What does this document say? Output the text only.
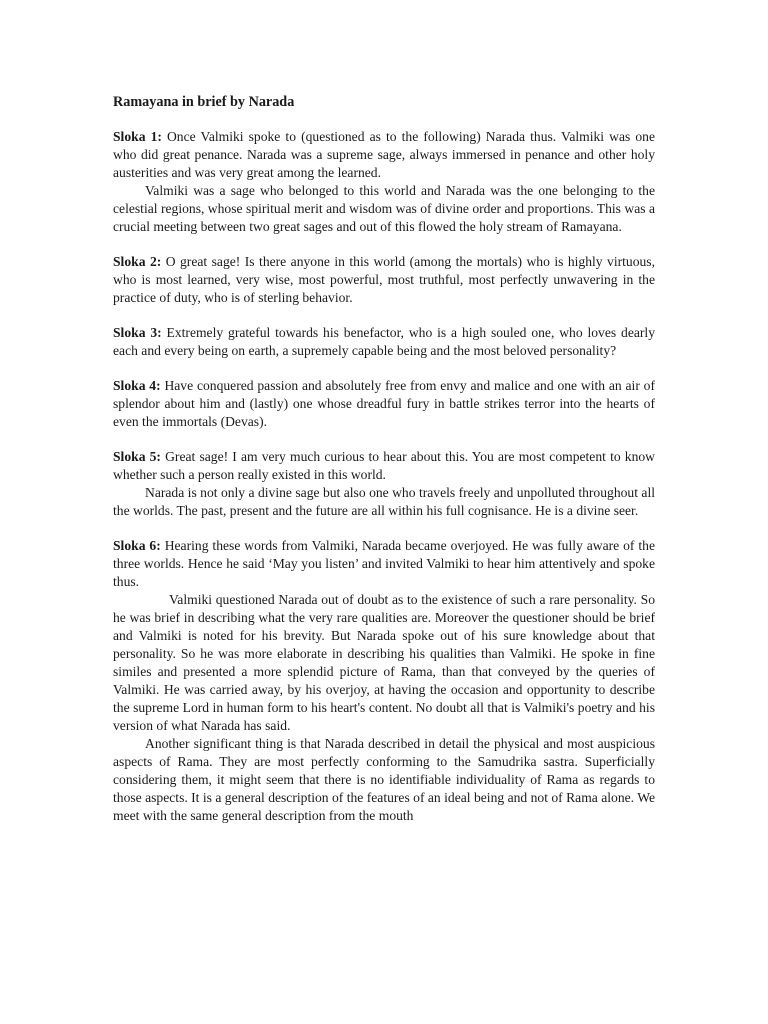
Ramayana in brief by Narada

Sloka 1: Once Valmiki spoke to (questioned as to the following) Narada thus. Valmiki was one who did great penance. Narada was a supreme sage, always immersed in penance and other holy austerities and was very great among the learned.

Valmiki was a sage who belonged to this world and Narada was the one belonging to the celestial regions, whose spiritual merit and wisdom was of divine order and proportions. This was a crucial meeting between two great sages and out of this flowed the holy stream of Ramayana.

Sloka 2: O great sage! Is there anyone in this world (among the mortals) who is highly virtuous, who is most learned, very wise, most powerful, most truthful, most perfectly unwavering in the practice of duty, who is of sterling behavior.

Sloka 3: Extremely grateful towards his benefactor, who is a high souled one, who loves dearly each and every being on earth, a supremely capable being and the most beloved personality?

Sloka 4: Have conquered passion and absolutely free from envy and malice and one with an air of splendor about him and (lastly) one whose dreadful fury in battle strikes terror into the hearts of even the immortals (Devas).

Sloka 5: Great sage! I am very much curious to hear about this. You are most competent to know whether such a person really existed in this world.

Narada is not only a divine sage but also one who travels freely and unpolluted throughout all the worlds. The past, present and the future are all within his full cognisance. He is a divine seer.

Sloka 6: Hearing these words from Valmiki, Narada became overjoyed. He was fully aware of the three worlds. Hence he said ‘May you listen’ and invited Valmiki to hear him attentively and spoke thus.

Valmiki questioned Narada out of doubt as to the existence of such a rare personality. So he was brief in describing what the very rare qualities are. Moreover the questioner should be brief and Valmiki is noted for his brevity. But Narada spoke out of his sure knowledge about that personality. So he was more elaborate in describing his qualities than Valmiki. He spoke in fine similes and presented a more splendid picture of Rama, than that conveyed by the queries of Valmiki. He was carried away, by his overjoy, at having the occasion and opportunity to describe the supreme Lord in human form to his heart's content. No doubt all that is Valmiki's poetry and his version of what Narada has said.

Another significant thing is that Narada described in detail the physical and most auspicious aspects of Rama. They are most perfectly conforming to the Samudrika sastra. Superficially considering them, it might seem that there is no identifiable individuality of Rama as regards to those aspects. It is a general description of the features of an ideal being and not of Rama alone. We meet with the same general description from the mouth
